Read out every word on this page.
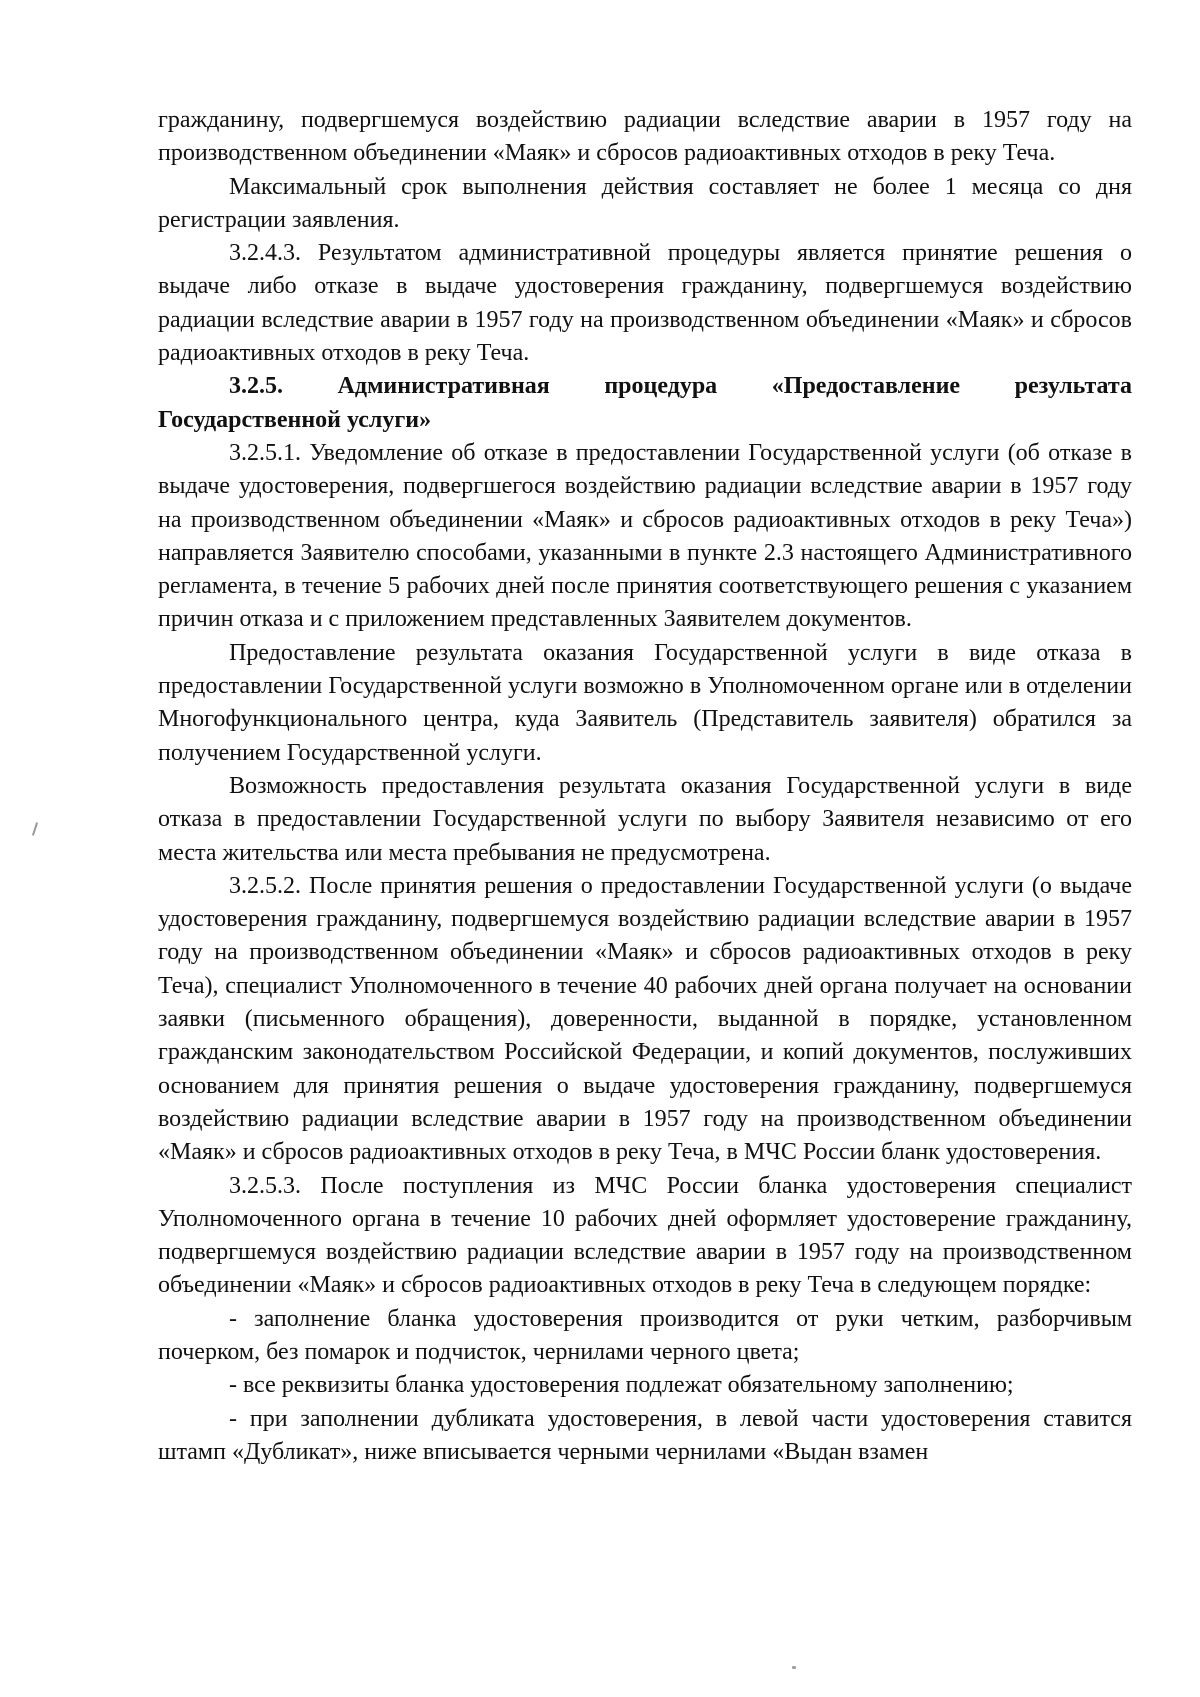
гражданину, подвергшемуся воздействию радиации вследствие аварии в 1957 году на производственном объединении «Маяк» и сбросов радиоактивных отходов в реку Теча.

Максимальный срок выполнения действия составляет не более 1 месяца со дня регистрации заявления.

3.2.4.3. Результатом административной процедуры является принятие решения о выдаче либо отказе в выдаче удостоверения гражданину, подвергшемуся воздействию радиации вследствие аварии в 1957 году на производственном объединении «Маяк» и сбросов радиоактивных отходов в реку Теча.

3.2.5. Административная процедура «Предоставление результата

Государственной услуги»

3.2.5.1. Уведомление об отказе в предоставлении Государственной услуги (об отказе в выдаче удостоверения, подвергшегося воздействию радиации вследствие аварии в 1957 году на производственном объединении «Маяк» и сбросов радиоактивных отходов в реку Теча») направляется Заявителю способами, указанными в пункте 2.3 настоящего Административного регламента, в течение 5 рабочих дней после принятия соответствующего решения с указанием причин отказа и с приложением представленных Заявителем документов.

Предоставление результата оказания Государственной услуги в виде отказа в предоставлении Государственной услуги возможно в Уполномоченном органе или в отделении Многофункционального центра, куда Заявитель (Представитель заявителя) обратился за получением Государственной услуги.

Возможность предоставления результата оказания Государственной услуги в виде отказа в предоставлении Государственной услуги по выбору Заявителя независимо от его места жительства или места пребывания не предусмотрена.

3.2.5.2. После принятия решения о предоставлении Государственной услуги (о выдаче удостоверения гражданину, подвергшемуся воздействию радиации вследствие аварии в 1957 году на производственном объединении «Маяк» и сбросов радиоактивных отходов в реку Теча), специалист Уполномоченного в течение 40 рабочих дней органа получает на основании заявки (письменного обращения), доверенности, выданной в порядке, установленном гражданским законодательством Российской Федерации, и копий документов, послуживших основанием для принятия решения о выдаче удостоверения гражданину, подвергшемуся воздействию радиации вследствие аварии в 1957 году на производственном объединении «Маяк» и сбросов радиоактивных отходов в реку Теча, в МЧС России бланк удостоверения.

3.2.5.3. После поступления из МЧС России бланка удостоверения специалист Уполномоченного органа в течение 10 рабочих дней оформляет удостоверение гражданину, подвергшемуся воздействию радиации вследствие аварии в 1957 году на производственном объединении «Маяк» и сбросов радиоактивных отходов в реку Теча в следующем порядке:

- заполнение бланка удостоверения производится от руки четким, разборчивым почерком, без помарок и подчисток, чернилами черного цвета;

- все реквизиты бланка удостоверения подлежат обязательному заполнению;

- при заполнении дубликата удостоверения, в левой части удостоверения ставится штамп «Дубликат», ниже вписывается черными чернилами «Выдан взамен
